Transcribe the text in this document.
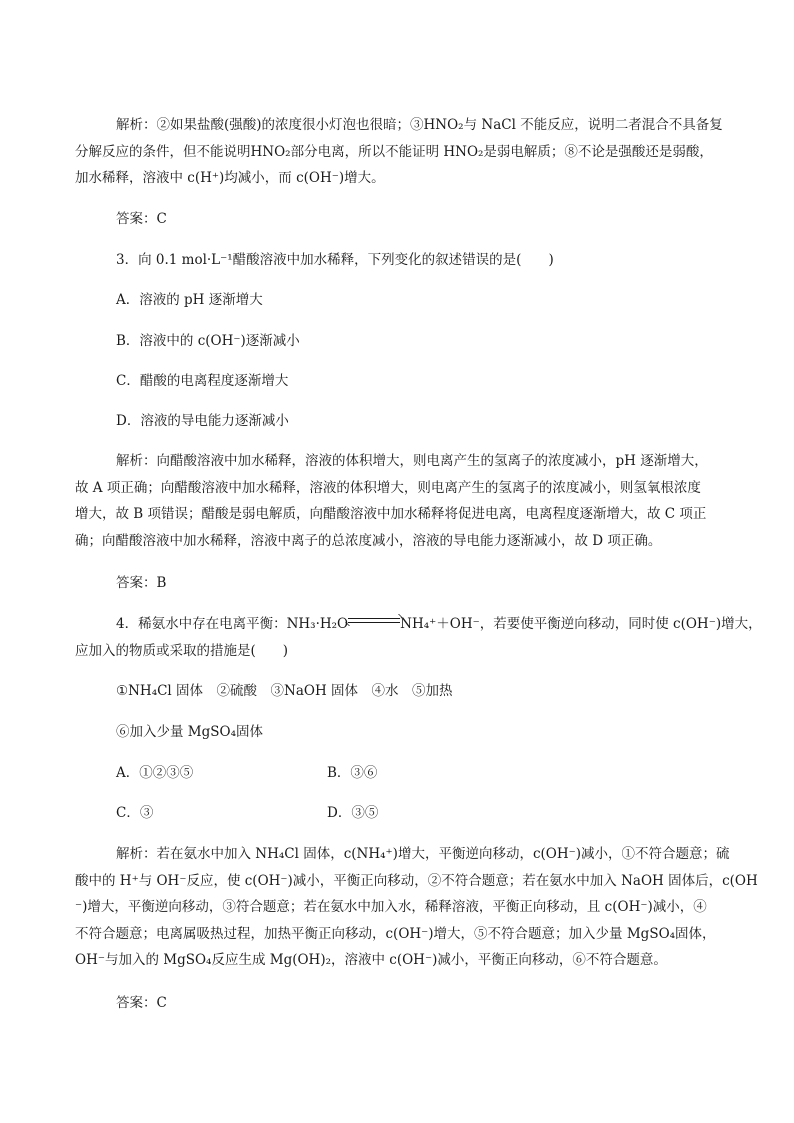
解析：②如果盐酸(强酸)的浓度很小灯泡也很暗；③HNO₂与 NaCl 不能反应，说明二者混合不具备复
分解反应的条件，但不能说明HNO₂部分电离，所以不能证明 HNO₂是弱电解质；⑧不论是强酸还是弱酸，
加水稀释，溶液中 c(H⁺)均减小，而 c(OH⁻)增大。

答案：C

3．向 0.1 mol·L⁻¹醋酸溶液中加水稀释，下列变化的叙述错误的是(　　)

A．溶液的 pH 逐渐增大

B．溶液中的 c(OH⁻)逐渐减小

C．醋酸的电离程度逐渐增大

D．溶液的导电能力逐渐减小

解析：向醋酸溶液中加水稀释，溶液的体积增大，则电离产生的氢离子的浓度减小，pH 逐渐增大，
故 A 项正确；向醋酸溶液中加水稀释，溶液的体积增大，则电离产生的氢离子的浓度减小，则氢氧根浓度
增大，故 B 项错误；醋酸是弱电解质，向醋酸溶液中加水稀释将促进电离，电离程度逐渐增大，故 C 项正
确；向醋酸溶液中加水稀释，溶液中离子的总浓度减小，溶液的导电能力逐渐减小，故 D 项正确。

答案：B

4．稀氨水中存在电离平衡：NH₃·H₂O	NH₄⁺＋OH⁻，若要使平衡逆向移动，同时使 c(OH⁻)增大，
应加入的物质或采取的措施是(　　)

①NH₄Cl 固体　②硫酸　③NaOH 固体　④水　⑤加热

⑥加入少量 MgSO₄固体

A．①②③⑤	B．③⑥

C．③	D．③⑤

解析：若在氨水中加入 NH₄Cl 固体，c(NH₄⁺)增大，平衡逆向移动，c(OH⁻)减小，①不符合题意；硫
酸中的 H⁺与 OH⁻反应，使 c(OH⁻)减小，平衡正向移动，②不符合题意；若在氨水中加入 NaOH 固体后，c(OH
⁻)增大，平衡逆向移动，③符合题意；若在氨水中加入水，稀释溶液，平衡正向移动，且 c(OH⁻)减小，④
不符合题意；电离属吸热过程，加热平衡正向移动，c(OH⁻)增大，⑤不符合题意；加入少量 MgSO₄固体，
OH⁻与加入的 MgSO₄反应生成 Mg(OH)₂，溶液中 c(OH⁻)减小，平衡正向移动，⑥不符合题意。

答案：C
